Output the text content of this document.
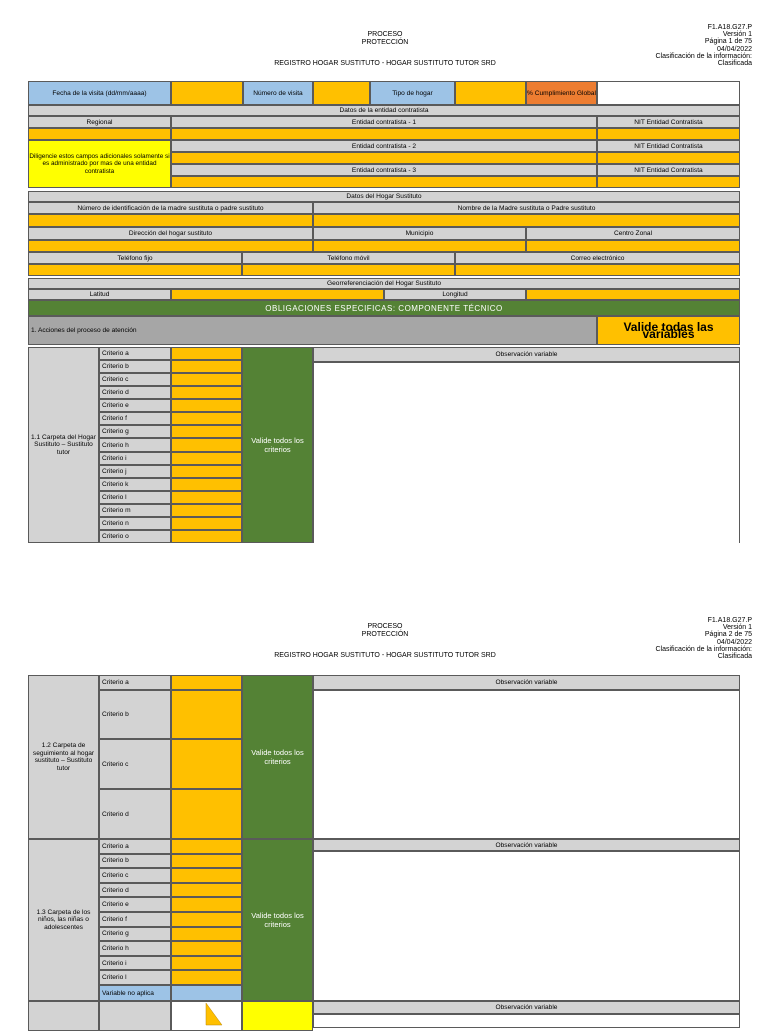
PROCESO
PROTECCIÓN
REGISTRO HOGAR SUSTITUTO - HOGAR SUSTITUTO TUTOR SRD
F1.A18.G27.P
Versión 1
Página 1 de 75
04/04/2022
Clasificación de la información:
Clasificada
Fecha de la visita (dd/mm/aaaa)	Número de visita	Tipo de hogar	% Cumplimiento Global
Datos de la entidad contratista
Regional	Entidad contratista - 1	NIT Entidad Contratista
Diligencie estos campos adicionales solamente si es administrado por mas de una entidad contratista
Entidad contratista - 2	NIT Entidad Contratista
Entidad contratista - 3	NIT Entidad Contratista
Datos del Hogar Sustituto
Número de identificación de la madre sustituta o padre sustituto	Nombre de la Madre sustituta o Padre sustituto
Dirección del hogar sustituto	Municipio	Centro Zonal
Teléfono fijo	Teléfono móvil	Correo electrónico
Georreferenciación del Hogar Sustituto
Latitud	Longitud
OBLIGACIONES ESPECIFICAS: COMPONENTE TÉCNICO
1. Acciones del proceso de atención	Valide todas las variables
1.1 Carpeta del Hogar Sustituto – Sustituto tutor
Criterio a
Criterio b
Criterio c
Criterio d
Criterio e
Criterio f
Criterio g
Criterio h
Criterio i
Criterio j
Criterio k
Criterio l
Criterio m
Criterio n
Criterio o
Valide todos los criterios
Observación variable
PROCESO
PROTECCIÓN
REGISTRO HOGAR SUSTITUTO - HOGAR SUSTITUTO TUTOR SRD
F1.A18.G27.P
Versión 1
Página 2 de 75
04/04/2022
Clasificación de la información:
Clasificada
1.2 Carpeta de seguimiento al hogar sustituto – Sustituto tutor
Criterio a
Criterio b
Criterio c
Criterio d
Valide todos los criterios
Observación variable
1.3 Carpeta de los niños, las niñas o adolescentes
Criterio a
Criterio b
Criterio c
Criterio d
Criterio e
Criterio f
Criterio g
Criterio h
Criterio i
Criterio l
Variable no aplica
Valide todos los criterios
Observación variable
Observación variable
